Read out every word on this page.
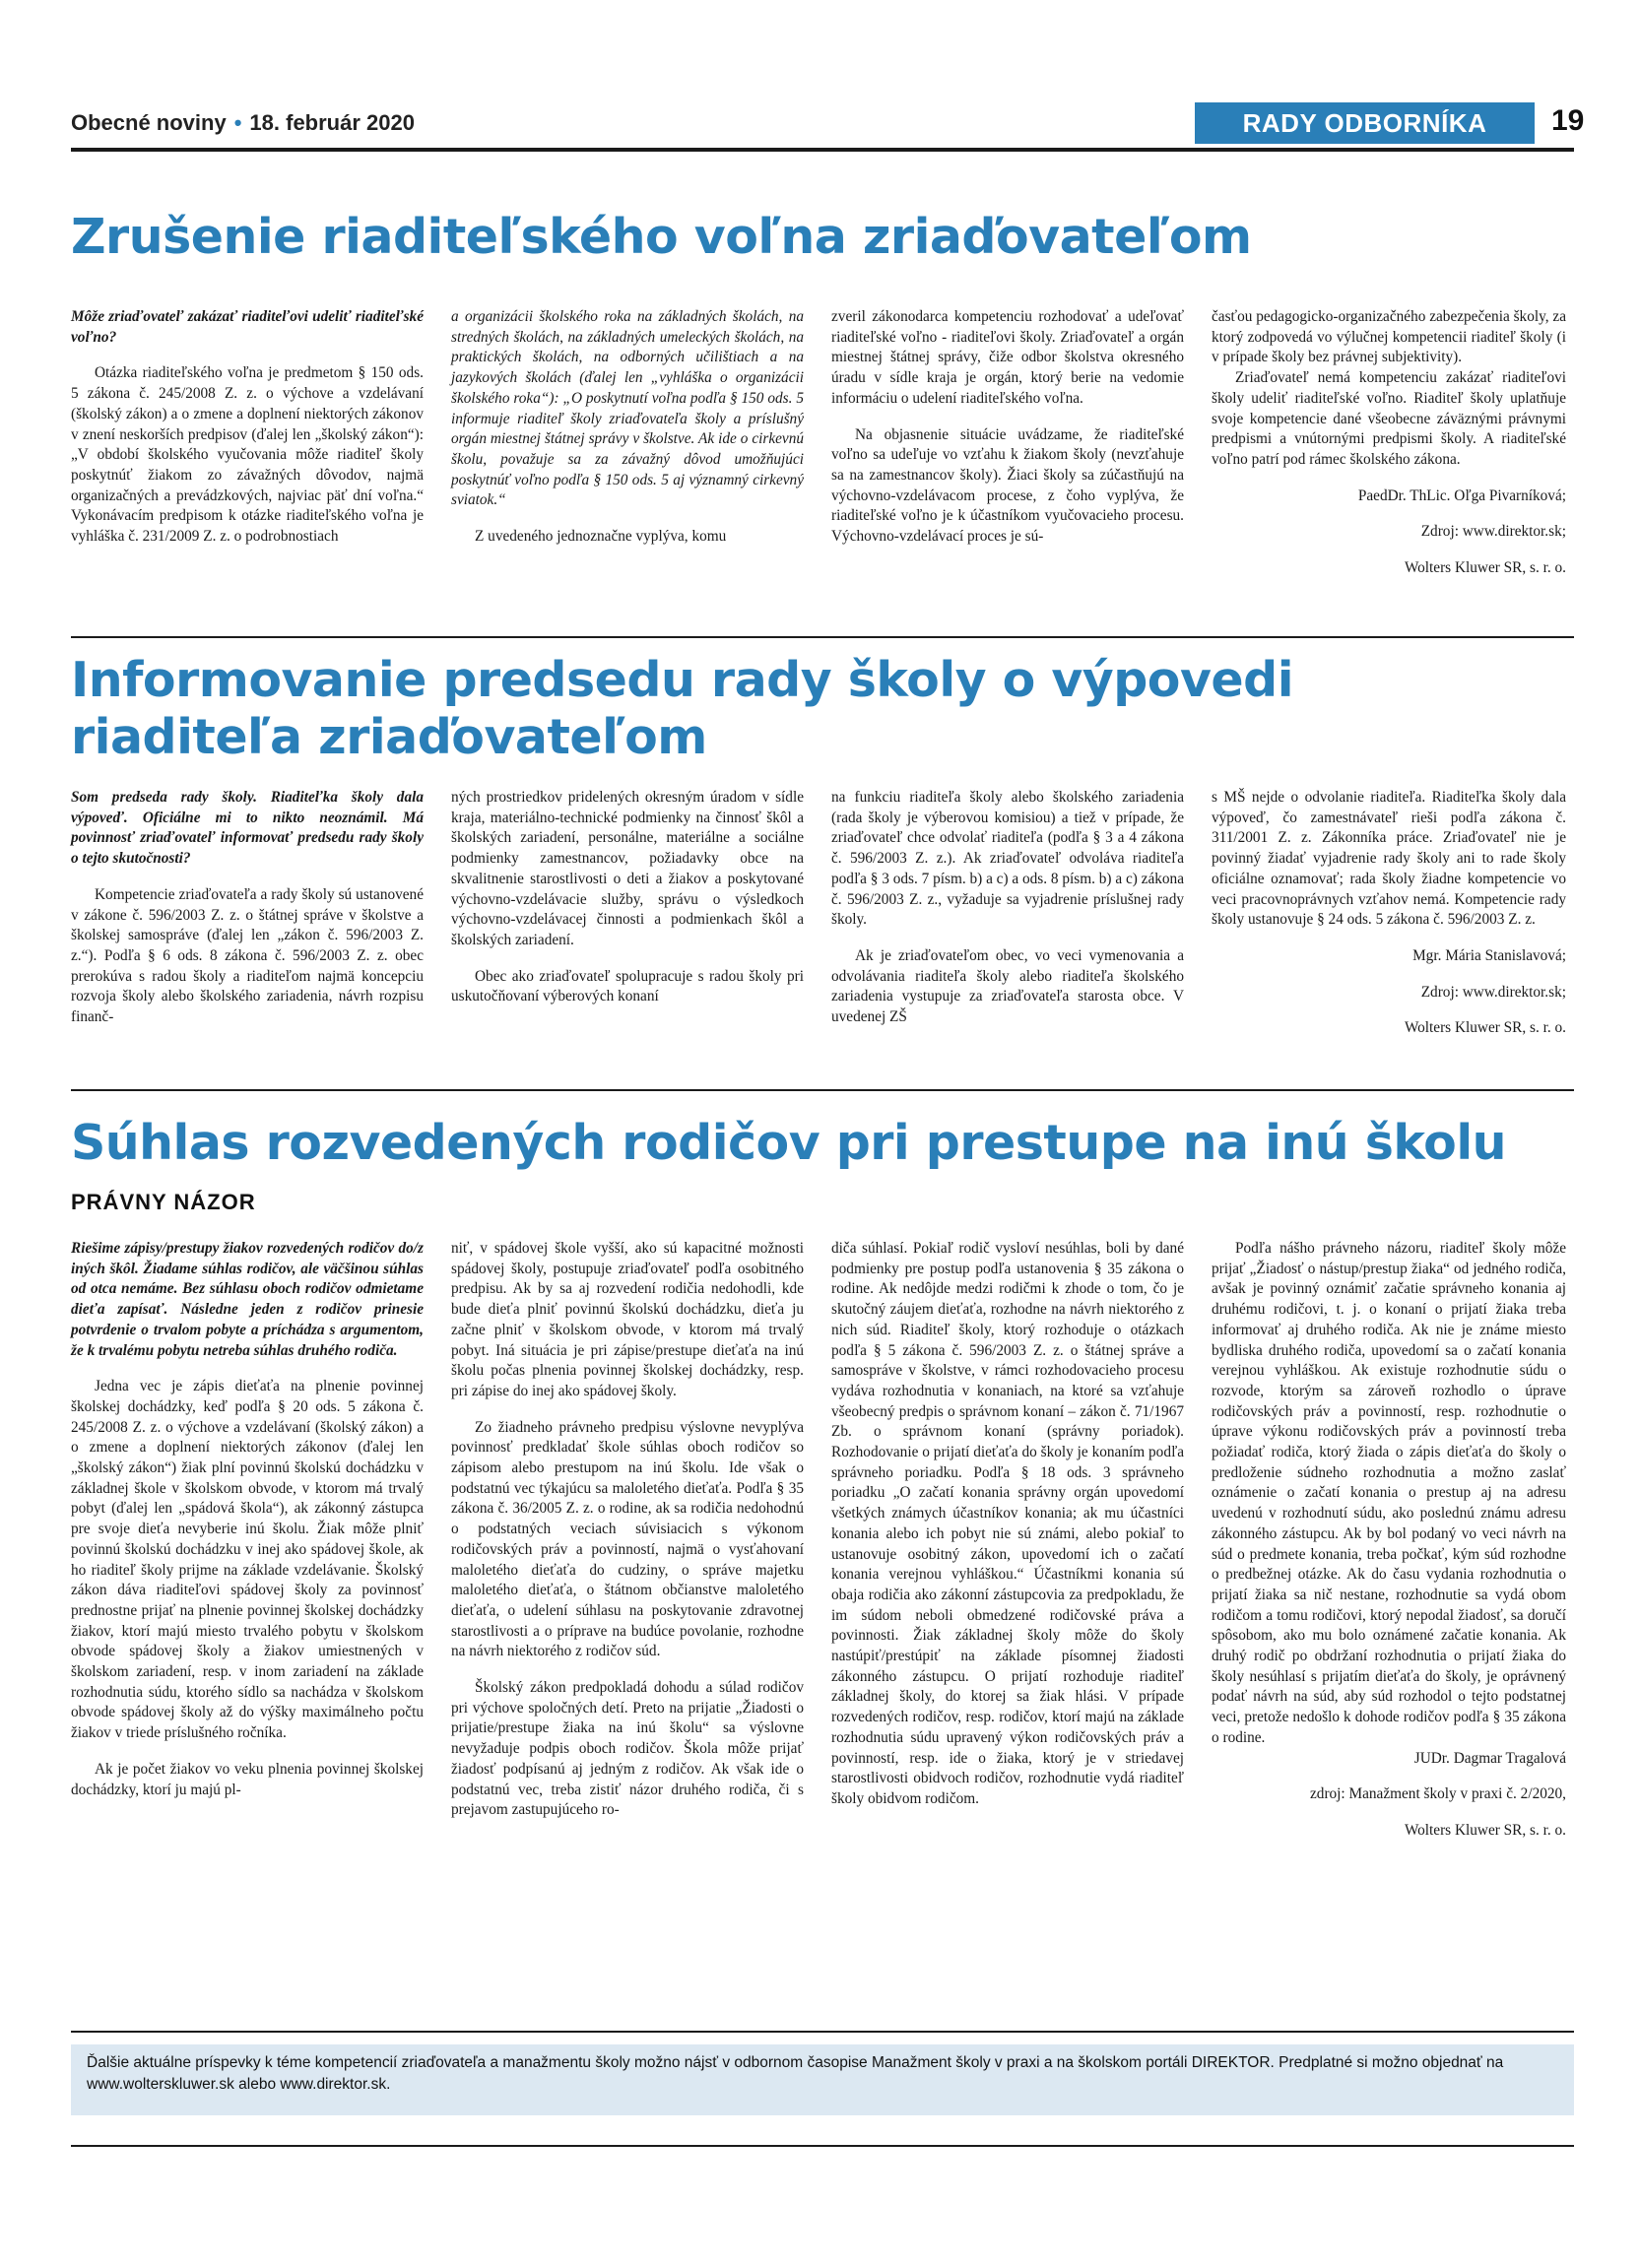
Obecné noviny • 18. február 2020	RADY ODBORNÍKA	19
Zrušenie riaditeľského voľna zriaďovateľom

Môže zriaďovateľ zakázať riaditeľovi udeliť riaditeľské voľno?

Otázka riaditeľského voľna je predmetom § 150 ods. 5 zákona č. 245/2008 Z. z. o výchove a vzdelávaní (školský zákon) a o zmene a doplnení niektorých zákonov v znení neskorších predpisov (ďalej len „školský zákon“): „V období školského vyučovania môže riaditeľ školy poskytnúť žiakom zo závažných dôvodov, najmä organizačných a prevádzkových, najviac päť dní voľna.“ Vykonávacím predpisom k otázke riaditeľského voľna je vyhláška č. 231/2009 Z. z. o podrobnostiach

a organizácii školského roka na základných školách, na stredných školách, na základných umeleckých školách, na praktických školách, na odborných učilištiach a na jazykových školách (ďalej len „vyhláška o organizácii školského roka“): „O poskytnutí voľna podľa § 150 ods. 5 informuje riaditeľ školy zriaďovateľa školy a príslušný orgán miestnej štátnej správy v školstve. Ak ide o cirkevnú školu, považuje sa za závažný dôvod umožňujúci poskytnúť voľno podľa § 150 ods. 5 aj významný cirkevný sviatok.“

Z uvedeného jednoznačne vyplýva, komu

zveril zákonodarca kompetenciu rozhodovať a udeľovať riaditeľské voľno - riaditeľovi školy. Zriaďovateľ a orgán miestnej štátnej správy, čiže odbor školstva okresného úradu v sídle kraja je orgán, ktorý berie na vedomie informáciu o udelení riaditeľského voľna.

Na objasnenie situácie uvádzame, že riaditeľské voľno sa udeľuje vo vzťahu k žiakom školy (nevzťahuje sa na zamestnancov školy). Žiaci školy sa zúčastňujú na výchovno-vzdelávacom procese, z čoho vyplýva, že riaditeľské voľno je k účastníkom vyučovacieho procesu. Výchovno-vzdelávací proces je sú-

časťou pedagogicko-organizačného zabezpečenia školy, za ktorý zodpovedá vo výlučnej kompetencii riaditeľ školy (i v prípade školy bez právnej subjektivity).

Zriaďovateľ nemá kompetenciu zakázať riaditeľovi školy udeliť riaditeľské voľno. Riaditeľ školy uplatňuje svoje kompetencie dané všeobecne záväznými právnymi predpismi a vnútornými predpismi školy. A riaditeľské voľno patrí pod rámec školského zákona.

PaedDr. ThLic. Oľga Pivarníková;

Zdroj: www.direktor.sk;

Wolters Kluwer SR, s. r. o.

Informovanie predsedu rady školy o výpovedi
riaditeľa zriaďovateľom

Som predseda rady školy. Riaditeľka školy dala výpoveď. Oficiálne mi to nikto neoznámil. Má povinnosť zriaďovateľ informovať predsedu rady školy o tejto skutočnosti?

Kompetencie zriaďovateľa a rady školy sú ustanovené v zákone č. 596/2003 Z. z. o štátnej správe v školstve a školskej samospráve (ďalej len „zákon č. 596/2003 Z. z.“). Podľa § 6 ods. 8 zákona č. 596/2003 Z. z. obec prerokúva s radou školy a riaditeľom najmä koncepciu rozvoja školy alebo školského zariadenia, návrh rozpisu finanč-

ných prostriedkov pridelených okresným úradom v sídle kraja, materiálno-technické podmienky na činnosť škôl a školských zariadení, personálne, materiálne a sociálne podmienky zamestnancov, požiadavky obce na skvalitnenie starostlivosti o deti a žiakov a poskytované výchovno-vzdelávacie služby, správu o výsledkoch výchovno-vzdelávacej činnosti a podmienkach škôl a školských zariadení.

Obec ako zriaďovateľ spolupracuje s radou školy pri uskutočňovaní výberových konaní

na funkciu riaditeľa školy alebo školského zariadenia (rada školy je výberovou komisiou) a tiež v prípade, že zriaďovateľ chce odvolať riaditeľa (podľa § 3 a 4 zákona č. 596/2003 Z. z.). Ak zriaďovateľ odvoláva riaditeľa podľa § 3 ods. 7 písm. b) a c) a ods. 8 písm. b) a c) zákona č. 596/2003 Z. z., vyžaduje sa vyjadrenie príslušnej rady školy.

Ak je zriaďovateľom obec, vo veci vymenovania a odvolávania riaditeľa školy alebo riaditeľa školského zariadenia vystupuje za zriaďovateľa starosta obce. V uvedenej ZŠ

s MŠ nejde o odvolanie riaditeľa. Riaditeľka školy dala výpoveď, čo zamestnávateľ rieši podľa zákona č. 311/2001 Z. z. Zákonníka práce. Zriaďovateľ nie je povinný žiadať vyjadrenie rady školy ani to rade školy oficiálne oznamovať; rada školy žiadne kompetencie vo veci pracovnoprávnych vzťahov nemá. Kompetencie rady školy ustanovuje § 24 ods. 5 zákona č. 596/2003 Z. z.

Mgr. Mária Stanislavová;

Zdroj: www.direktor.sk;

Wolters Kluwer SR, s. r. o.

Súhlas rozvedených rodičov pri prestupe na inú školu
PRÁVNY NÁZOR

Riešime zápisy/prestupy žiakov rozvedených rodičov do/z iných škôl. Žiadame súhlas rodičov, ale väčšinou súhlas od otca nemáme. Bez súhlasu oboch rodičov odmietame dieťa zapísať. Následne jeden z rodičov prinesie potvrdenie o trvalom pobyte a príchádza s argumentom, že k trvalému pobytu netreba súhlas druhého rodiča.

Jedna vec je zápis dieťaťa na plnenie povinnej školskej dochádzky, keď podľa § 20 ods. 5 zákona č. 245/2008 Z. z. o výchove a vzdelávaní (školský zákon) a o zmene a doplnení niektorých zákonov (ďalej len „školský zákon“) žiak plní povinnú školskú dochádzku v základnej škole v školskom obvode, v ktorom má trvalý pobyt (ďalej len „spádová škola“), ak zákonný zástupca pre svoje dieťa nevyberie inú školu. Žiak môže plniť povinnú školskú dochádzku v inej ako spádovej škole, ak ho riaditeľ školy prijme na základe vzdelávanie. Školský zákon dáva riaditeľovi spádovej školy za povinnosť prednostne prijať na plnenie povinnej školskej dochádzky žiakov, ktorí majú miesto trvalého pobytu v školskom obvode spádovej školy a žiakov umiestnených v školskom zariadení, resp. v inom zariadení na základe rozhodnutia súdu, ktorého sídlo sa nachádza v školskom obvode spádovej školy až do výšky maximálneho počtu žiakov v triede príslušného ročníka.

Ak je počet žiakov vo veku plnenia povinnej školskej dochádzky, ktorí ju majú pl-

niť, v spádovej škole vyšší, ako sú kapacitné možnosti spádovej školy, postupuje zriaďovateľ podľa osobitného predpisu. Ak by sa aj rozvedení rodičia nedohodli, kde bude dieťa plniť povinnú školskú dochádzku, dieťa ju začne plniť v školskom obvode, v ktorom má trvalý pobyt. Iná situácia je pri zápise/prestupe dieťaťa na inú školu počas plnenia povinnej školskej dochádzky, resp. pri zápise do inej ako spádovej školy.

Zo žiadneho právneho predpisu výslovne nevyplýva povinnosť predkladať škole súhlas oboch rodičov so zápisom alebo prestupom na inú školu. Ide však o podstatnú vec týkajúcu sa maloletého dieťaťa. Podľa § 35 zákona č. 36/2005 Z. z. o rodine, ak sa rodičia nedohodnú o podstatných veciach súvisiacich s výkonom rodičovských práv a povinností, najmä o vysťahovaní maloletého dieťaťa do cudziny, o správe majetku maloletého dieťaťa, o štátnom občianstve maloletého dieťaťa, o udelení súhlasu na poskytovanie zdravotnej starostlivosti a o príprave na budúce povolanie, rozhodne na návrh niektorého z rodičov súd.

Školský zákon predpokladá dohodu a súlad rodičov pri výchove spoločných detí. Preto na prijatie „Žiadosti o prijatie/prestupe žiaka na inú školu“ sa výslovne nevyžaduje podpis oboch rodičov. Škola môže prijať žiadosť podpísanú aj jedným z rodičov. Ak však ide o podstatnú vec, treba zistiť názor druhého rodiča, či s prejavom zastupujúceho ro-

diča súhlasí. Pokiaľ rodič vysloví nesúhlas, boli by dané podmienky pre postup podľa ustanovenia § 35 zákona o rodine. Ak nedôjde medzi rodičmi k zhode o tom, čo je skutočný záujem dieťaťa, rozhodne na návrh niektorého z nich súd. Riaditeľ školy, ktorý rozhoduje o otázkach podľa § 5 zákona č. 596/2003 Z. z. o štátnej správe a samospráve v školstve, v rámci rozhodovacieho procesu vydáva rozhodnutia v konaniach, na ktoré sa vzťahuje všeobecný predpis o správnom konaní – zákon č. 71/1967 Zb. o správnom konaní (správny poriadok). Rozhodovanie o prijatí dieťaťa do školy je konaním podľa správneho poriadku. Podľa § 18 ods. 3 správneho poriadku „O začatí konania správny orgán upovedomí všetkých známych účastníkov konania; ak mu účastníci konania alebo ich pobyt nie sú známi, alebo pokiaľ to ustanovuje osobitný zákon, upovedomí ich o začatí konania verejnou vyhláškou.“ Účastníkmi konania sú obaja rodičia ako zákonní zástupcovia za predpokladu, že im súdom neboli obmedzené rodičovské práva a povinnosti. Žiak základnej školy môže do školy nastúpiť/prestúpiť na základe písomnej žiadosti zákonného zástupcu. O prijatí rozhoduje riaditeľ základnej školy, do ktorej sa žiak hlási. V prípade rozvedených rodičov, resp. rodičov, ktorí majú na základe rozhodnutia súdu upravený výkon rodičovských práv a povinností, resp. ide o žiaka, ktorý je v striedavej starostlivosti obidvoch rodičov, rozhodnutie vydá riaditeľ školy obidvom rodičom.

Podľa nášho právneho názoru, riaditeľ školy môže prijať „Žiadosť o nástup/prestup žiaka“ od jedného rodiča, avšak je povinný oznámiť začatie správneho konania aj druhému rodičovi, t. j. o konaní o prijatí žiaka treba informovať aj druhého rodiča. Ak nie je známe miesto bydliska druhého rodiča, upovedomí sa o začatí konania verejnou vyhláškou. Ak existuje rozhodnutie súdu o rozvode, ktorým sa zároveň rozhodlo o úprave rodičovských práv a povinností, resp. rozhodnutie o úprave výkonu rodičovských práv a povinností treba požiadať rodiča, ktorý žiada o zápis dieťaťa do školy o predloženie súdneho rozhodnutia a možno zaslať oznámenie o začatí konania o prestup aj na adresu uvedenú v rozhodnutí súdu, ako poslednú známu adresu zákonného zástupcu. Ak by bol podaný vo veci návrh na súd o predmete konania, treba počkať, kým súd rozhodne o predbežnej otázke. Ak do času vydania rozhodnutia o prijatí žiaka sa nič nestane, rozhodnutie sa vydá obom rodičom a tomu rodičovi, ktorý nepodal žiadosť, sa doručí spôsobom, ako mu bolo oznámené začatie konania. Ak druhý rodič po obdržaní rozhodnutia o prijatí žiaka do školy nesúhlasí s prijatím dieťaťa do školy, je oprávnený podať návrh na súd, aby súd rozhodol o tejto podstatnej veci, pretože nedošlo k dohode rodičov podľa § 35 zákona o rodine.

JUDr. Dagmar Tragalová

zdroj: Manažment školy v praxi č. 2/2020,

Wolters Kluwer SR, s. r. o.

Ďalšie aktuálne príspevky k téme kompetencií zriaďovateľa a manažmentu školy možno nájsť v odbornom časopise Manažment školy v praxi a na školskom portáli DIREKTOR. Predplatné si možno objednať na www.wolterskluwer.sk alebo www.direktor.sk.
